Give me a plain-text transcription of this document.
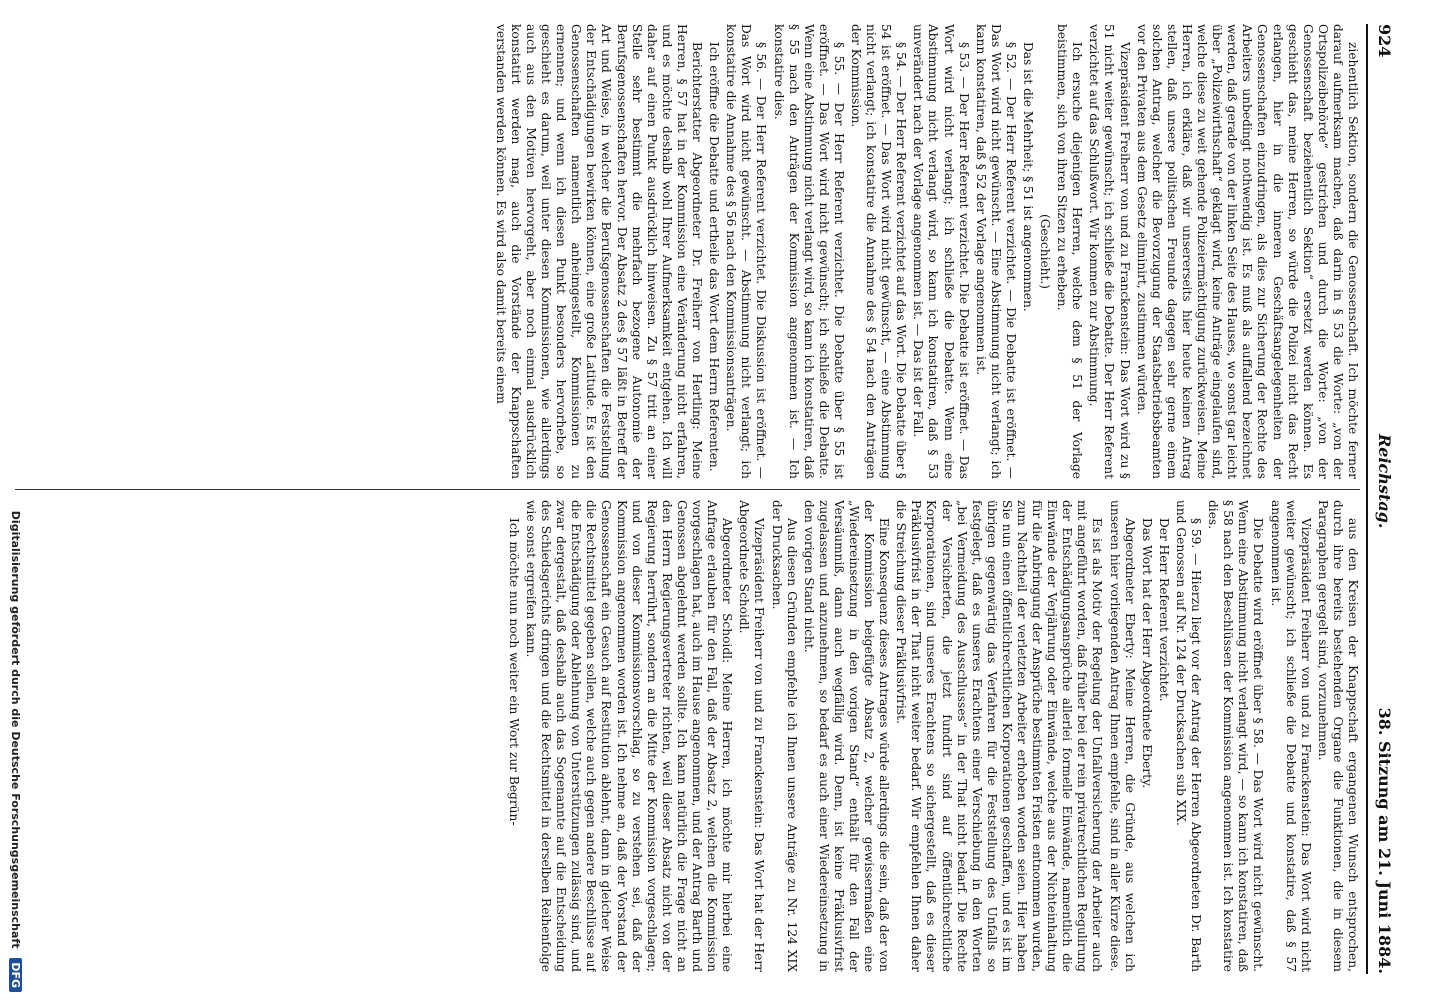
924
Reichstag.
38. Sitzung am 21. Juni 1884.

ziehentlich Sektion, sondern die Genossenschaft. Ich möchte ferner darauf aufmerksam machen, daß darin in § 53 die Worte: „von der Ortspolizeibehörde“ gestrichen und durch die Worte: „von der Genossenschaft beziehentlich Sektion“ ersetzt werden können. Es geschieht das, meine Herren, so würde die Polizei nicht das Recht erlangen, hier in die inneren Geschäftsangelegenheiten der Genossenschaften einzudringen, als dies zur Sicherung der Rechte des Arbeiters unbedingt nothwendig ist. Es muß als auffallend bezeichnet werden, daß gerade von der linken Seite des Hauses, wo sonst gar leicht über „Polizeiwirthschaft“ geklagt wird, keine Anträge eingelaufen sind, welche diese zu weit gehende Polizeiermächtigung zurückweisen. Meine Herren, ich erkläre, daß wir unsererseits hier heute keinen Antrag stellen, daß unsere politischen Freunde dagegen sehr gerne einem solchen Antrag, welcher die Bevorzugung der Staatsbetriebsbeamten vor den Privaten aus dem Gesetz eliminirt, zustimmen würden.

Vizepräsident Freiherr von und zu Franckenstein: Das Wort wird zu § 51 nicht weiter gewünscht; ich schließe die Debatte. Der Herr Referent verzichtet auf das Schlußwort. Wir kommen zur Abstimmung.

Ich ersuche diejenigen Herren, welche dem § 51 der Vorlage beistimmen, sich von ihren Sitzen zu erheben.

(Geschieht.)

Das ist die Mehrheit; § 51 ist angenommen.

§ 52. — Der Herr Referent verzichtet. — Die Debatte ist eröffnet. — Das Wort wird nicht gewünscht. — Eine Abstimmung nicht verlangt; ich kann konstatiren, daß § 52 der Vorlage angenommen ist.

§ 53. — Der Herr Referent verzichtet. Die Debatte ist eröffnet. — Das Wort wird nicht verlangt; ich schließe die Debatte. Wenn eine Abstimmung nicht verlangt wird, so kann ich konstatiren, daß § 53 unverändert nach der Vorlage angenommen ist. — Das ist der Fall.

§ 54. — Der Herr Referent verzichtet auf das Wort. Die Debatte über § 54 ist eröffnet. — Das Wort wird nicht gewünscht, — eine Abstimmung nicht verlangt; ich konstatire die Annahme des § 54 nach den Anträgen der Kommission.

§ 55. — Der Herr Referent verzichtet. Die Debatte über § 55 ist eröffnet. — Das Wort wird nicht gewünscht; ich schließe die Debatte. Wenn eine Abstimmung nicht verlangt wird, so kann ich konstatiren, daß § 55 nach den Anträgen der Kommission angenommen ist. — Ich konstatire dies.

§ 56. — Der Herr Referent verzichtet. Die Diskussion ist eröffnet. — Das Wort wird nicht gewünscht. — Abstimmung nicht verlangt; ich konstatire die Annahme des § 56 nach den Kommissionsanträgen.

Ich eröffne die Debatte und ertheile das Wort dem Herrn Referenten.

Berichterstatter Abgeordneter Dr. Freiherr von Hertling: Meine Herren, § 57 hat in der Kommission eine Veränderung nicht erfahren, und es möchte deshalb wohl Ihrer Aufmerksamkeit entgehen. Ich will daher auf einen Punkt ausdrücklich hinweisen. Zu § 57 tritt an einer Stelle sehr bestimmt die mehrfach bezogene Autonomie der Berufsgenossenschaften hervor. Der Absatz 2 des § 57 läßt in Betreff der Art und Weise, in welcher die Berufsgenossenschaften die Feststellung der Entschädigungen bewirken können, eine große Latitude. Es ist den Genossenschaften namentlich anheimgestellt, Kommissionen zu ernennen; und wenn ich diesen Punkt besonders hervorhebe, so geschieht es darum, weil unter diesen Kommissionen, wie allerdings auch aus den Motiven hervorgeht, aber noch einmal ausdrücklich konstatirt werden mag, auch die Vorstände der Knappschaften verstanden werden können. Es wird also damit bereits einem

aus den Kreisen der Knappschaft ergangenen Wunsch entsprochen, durch ihre bereits bestehenden Organe die Funktionen, die in diesem Paragraphen geregelt sind, vorzunehmen.

Vizepräsident Freiherr von und zu Franckenstein: Das Wort wird nicht weiter gewünscht; ich schließe die Debatte und konstatire, daß § 57 angenommen ist.

Die Debatte wird eröffnet über § 58. — Das Wort wird nicht gewünscht. Wenn eine Abstimmung nicht verlangt wird, — so kann ich konstatiren, daß § 58 nach den Beschlüssen der Kommission angenommen ist. Ich konstatire dies.

§ 59. — Hierzu liegt vor der Antrag der Herren Abgeordneten Dr. Barth und Genossen auf Nr. 124 der Drucksachen sub XIX.

Der Herr Referent verzichtet.

Das Wort hat der Herr Abgeordnete Eberty.

Abgeordneter Eberty: Meine Herren, die Gründe, aus welchen ich unseren hier vorliegenden Antrag Ihnen empfehle, sind in aller Kürze diese.

Es ist als Motiv der Regelung der Unfallversicherung der Arbeiter auch mit angeführt worden, daß früher bei der rein privatrechtlichen Regulirung der Entschädigungsansprüche allerlei formelle Einwände, namentlich die Einwände der Verjährung oder Einwände, welche aus der Nichteinhaltung für die Anbringung der Ansprüche bestimmten Fristen entnommen wurden, zum Nachtheil der verletzten Arbeiter erhoben worden seien. Hier haben Sie nun einen öffentlichrechtlichen Korporationen geschaffen, und es ist im übrigen gegenwärtig das Verfahren für die Feststellung des Unfalls so festgelegt, daß es unseres Erachtens einer Verschiebung in den Worten „bei Vermeidung des Ausschlusses“ in der That nicht bedarf. Die Rechte der Versicherten, die jetzt fundirt sind auf öffentlichrechtliche Korporationen, sind unseres Erachtens so sichergestellt, daß es dieser Präklusivfrist in der That nicht weiter bedarf. Wir empfehlen Ihnen daher die Streichung dieser Präklusivfrist.

Eine Konsequenz dieses Antrages würde allerdings die sein, daß der von der Kommission beigefügte Absatz 2, welcher gewissermaßen eine „Wiedereinsetzung in den vorigen Stand“ enthält für den Fall der Versäumniß, dann auch wegfällig wird. Denn, ist keine Präklusivfrist zugelassen und anzunehmen, so bedarf es auch einer Wiedereinsetzung in den vorigen Stand nicht.

Aus diesen Gründen empfehle ich Ihnen unsere Anträge zu Nr. 124 XIX der Drucksachen.

Vizepräsident Freiherr von und zu Franckenstein: Das Wort hat der Herr Abgeordnete Schoidl.

Abgeordneter Schoidl: Meine Herren, ich möchte mir hierbei eine Anfrage erlauben für den Fall, daß der Absatz 2, welchen die Kommission vorgeschlagen hat, auch im Hause angenommen, und der Antrag Barth und Genossen abgelehnt werden sollte. Ich kann natürlich die Frage nicht an den Herrn Regierungsvertreter richten, weil dieser Absatz nicht von der Regierung herrührt, sondern an die Mitte der Kommission vorgeschlagen; und von dieser Kommissionsvorschlag, so zu verstehen sei, daß der Kommission angenommen worden ist. Ich nehme an, daß der Vorstand der Genossenschaft ein Gesuch auf Restitution ablehnt, dann in gleicher Weise die Rechtsmittel gegeben sollen, welche auch gegen andere Beschlüsse auf die Entschädigung oder Ablehnung von Unterstützungen zulässig sind, und zwar dergestalt, daß deshalb auch das Sogenannte auf die Entscheidung des Schiedsgerichts dringen und die Rechtsmittel in derselben Reihenfolge wie sonst ergreifen kann.

Ich möchte nun noch weiter ein Wort zur Begrün-

Digitalisierung gefördert durch die Deutsche Forschungsgemeinschaft DFG
